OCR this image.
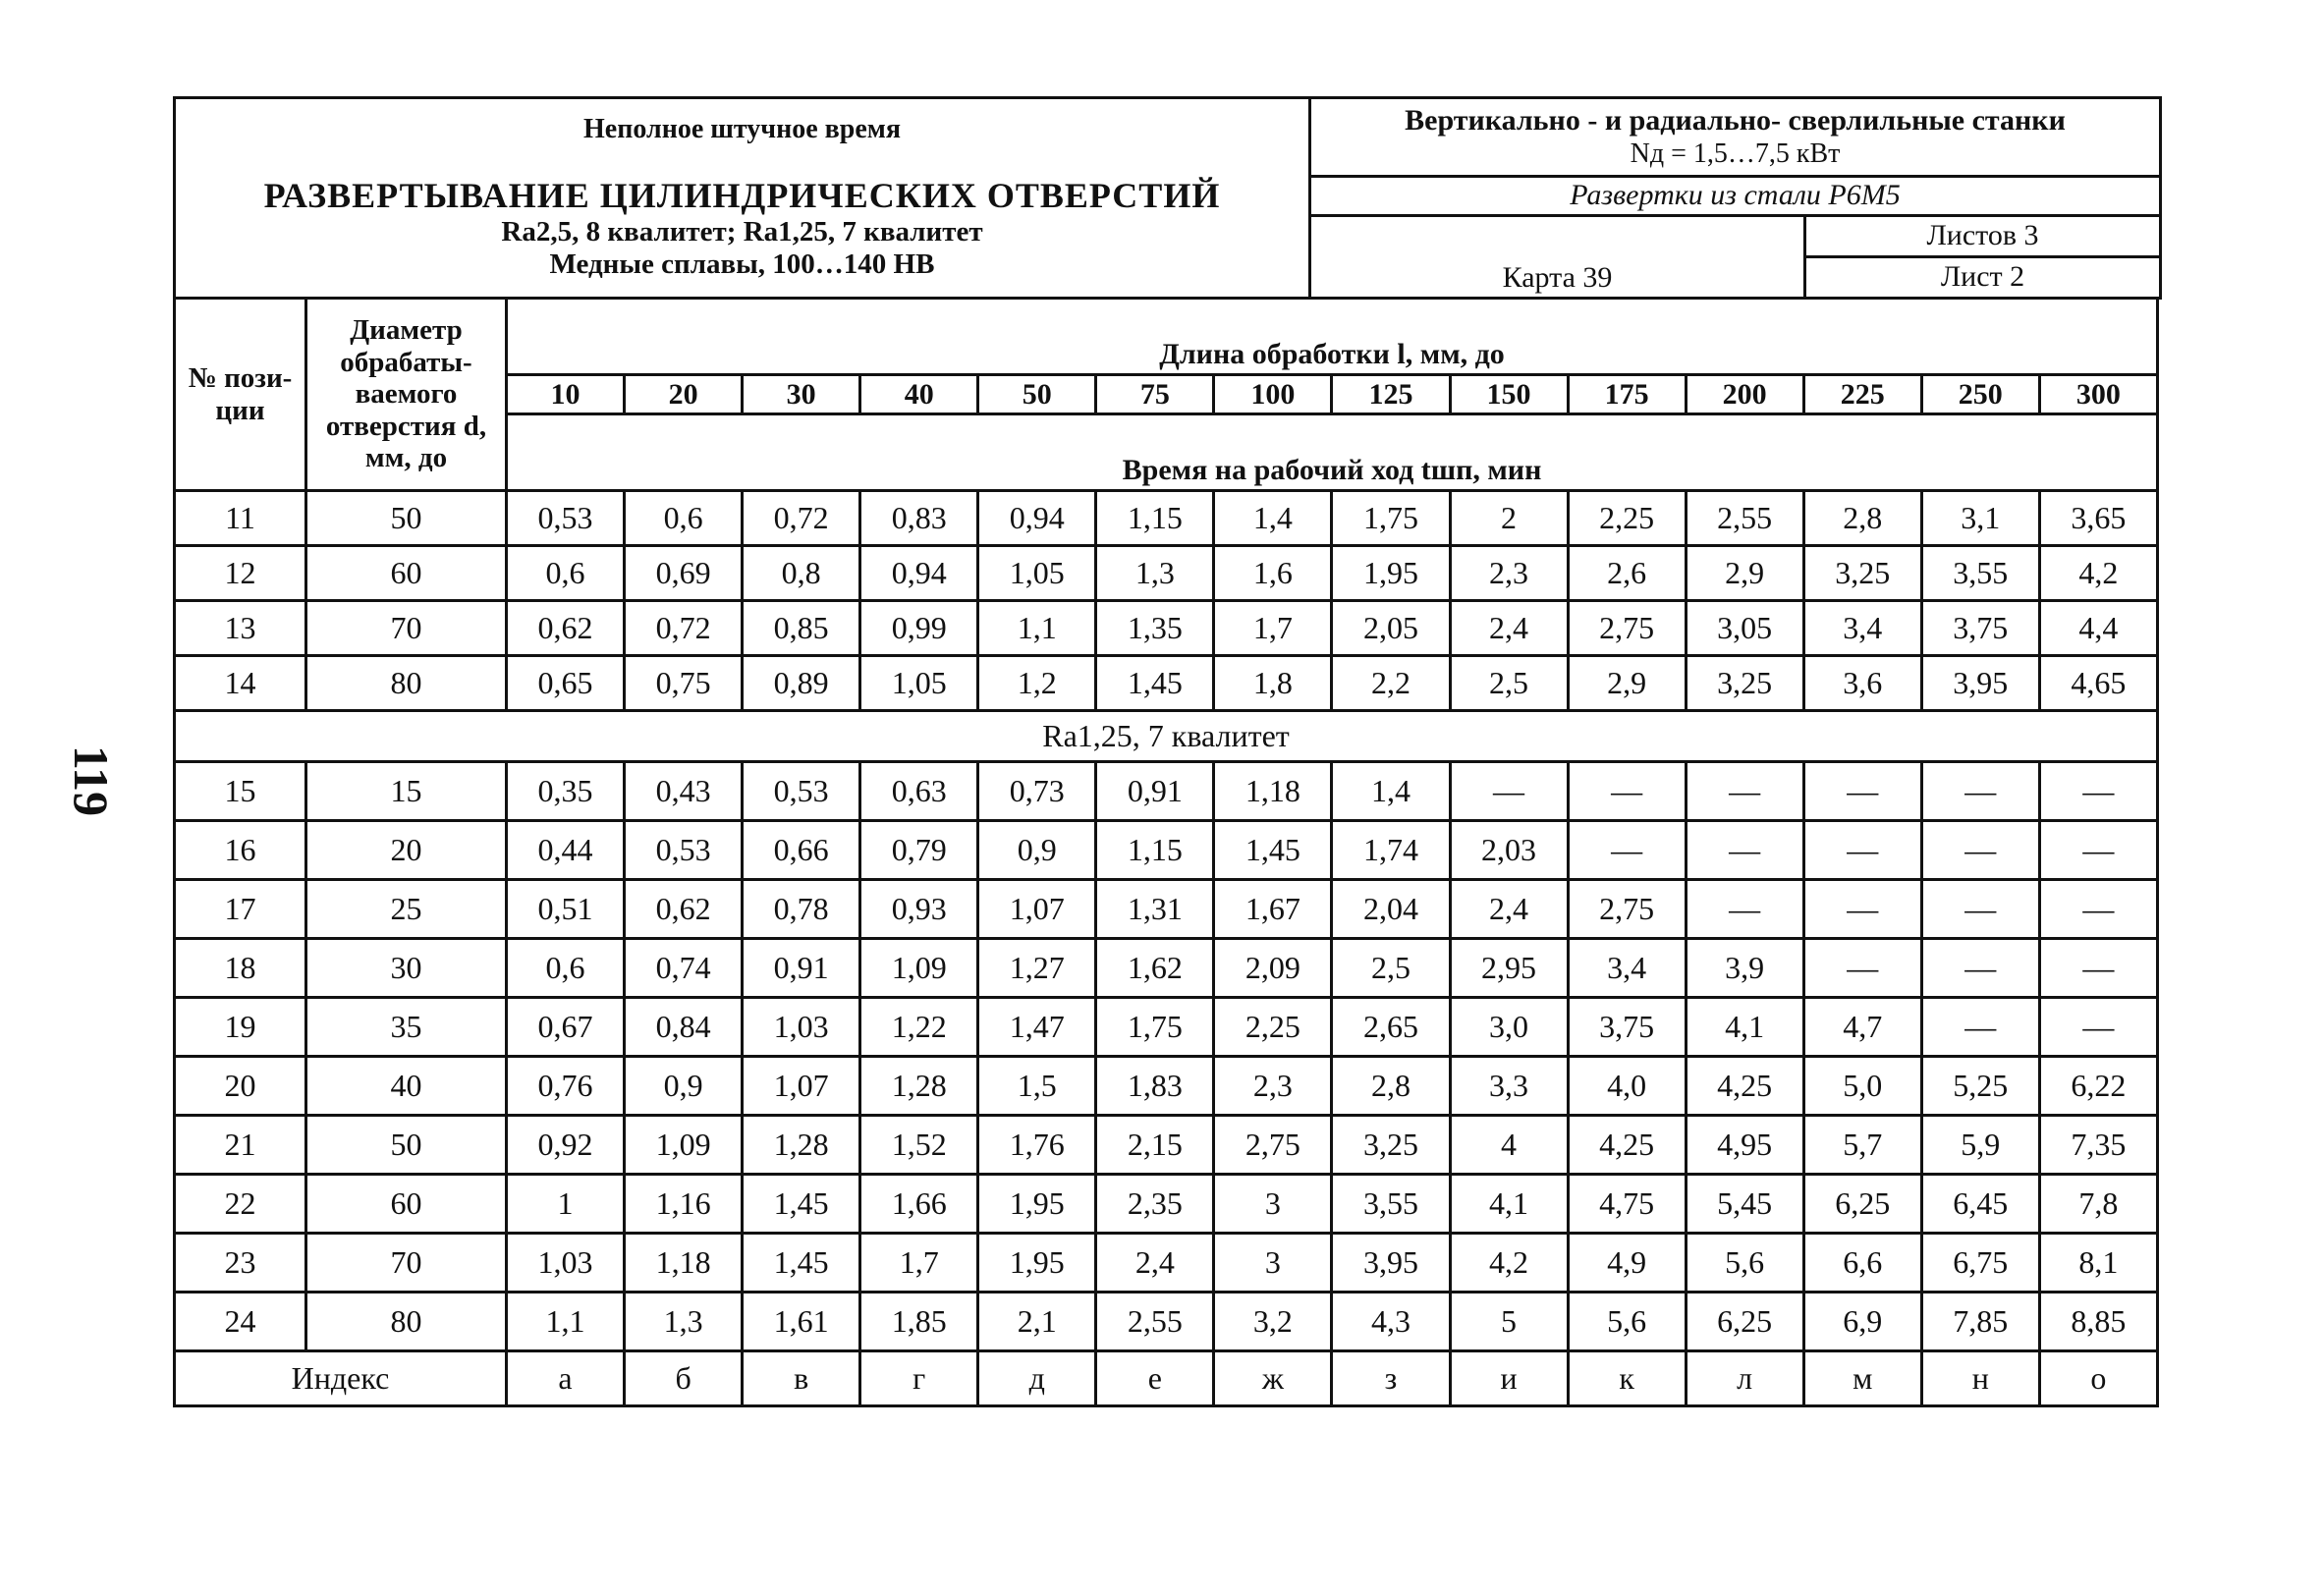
119
Неполное штучное время
РАЗВЕРТЫВАНИЕ ЦИЛИНДРИЧЕСКИХ ОТВЕРСТИЙ
Ra2,5, 8 квалитет; Ra1,25, 7 квалитет
Медные сплавы, 100…140 НВ	Вертикально - и радиально- сверлильные станки
Nд = 1,5…7,5 кВт	

	Развертки из стали Р6М5	
	Карта 39	Листов 3
		Лист 2
№ пози-ции	Диаметр обрабаты-ваемого отверстия d, мм, до	Длина обработки l, мм, до													
		10	20	30	40	50	75	100	125	150	175	200	225	250	300
		Время на рабочий ход tшп, мин													
11	50	0,53	0,6	0,72	0,83	0,94	1,15	1,4	1,75	2	2,25	2,55	2,8	3,1	3,65
12	60	0,6	0,69	0,8	0,94	1,05	1,3	1,6	1,95	2,3	2,6	2,9	3,25	3,55	4,2
13	70	0,62	0,72	0,85	0,99	1,1	1,35	1,7	2,05	2,4	2,75	3,05	3,4	3,75	4,4
14	80	0,65	0,75	0,89	1,05	1,2	1,45	1,8	2,2	2,5	2,9	3,25	3,6	3,95	4,65
Ra1,25, 7 квалитет															
15	15	0,35	0,43	0,53	0,63	0,73	0,91	1,18	1,4	—	—	—	—	—	—
16	20	0,44	0,53	0,66	0,79	0,9	1,15	1,45	1,74	2,03	—	—	—	—	—
17	25	0,51	0,62	0,78	0,93	1,07	1,31	1,67	2,04	2,4	2,75	—	—	—	—
18	30	0,6	0,74	0,91	1,09	1,27	1,62	2,09	2,5	2,95	3,4	3,9	—	—	—
19	35	0,67	0,84	1,03	1,22	1,47	1,75	2,25	2,65	3,0	3,75	4,1	4,7	—	—
20	40	0,76	0,9	1,07	1,28	1,5	1,83	2,3	2,8	3,3	4,0	4,25	5,0	5,25	6,22
21	50	0,92	1,09	1,28	1,52	1,76	2,15	2,75	3,25	4	4,25	4,95	5,7	5,9	7,35
22	60	1	1,16	1,45	1,66	1,95	2,35	3	3,55	4,1	4,75	5,45	6,25	6,45	7,8
23	70	1,03	1,18	1,45	1,7	1,95	2,4	3	3,95	4,2	4,9	5,6	6,6	6,75	8,1
24	80	1,1	1,3	1,61	1,85	2,1	2,55	3,2	4,3	5	5,6	6,25	6,9	7,85	8,85
Индекс		а	б	в	г	д	е	ж	з	и	к	л	м	н	о
